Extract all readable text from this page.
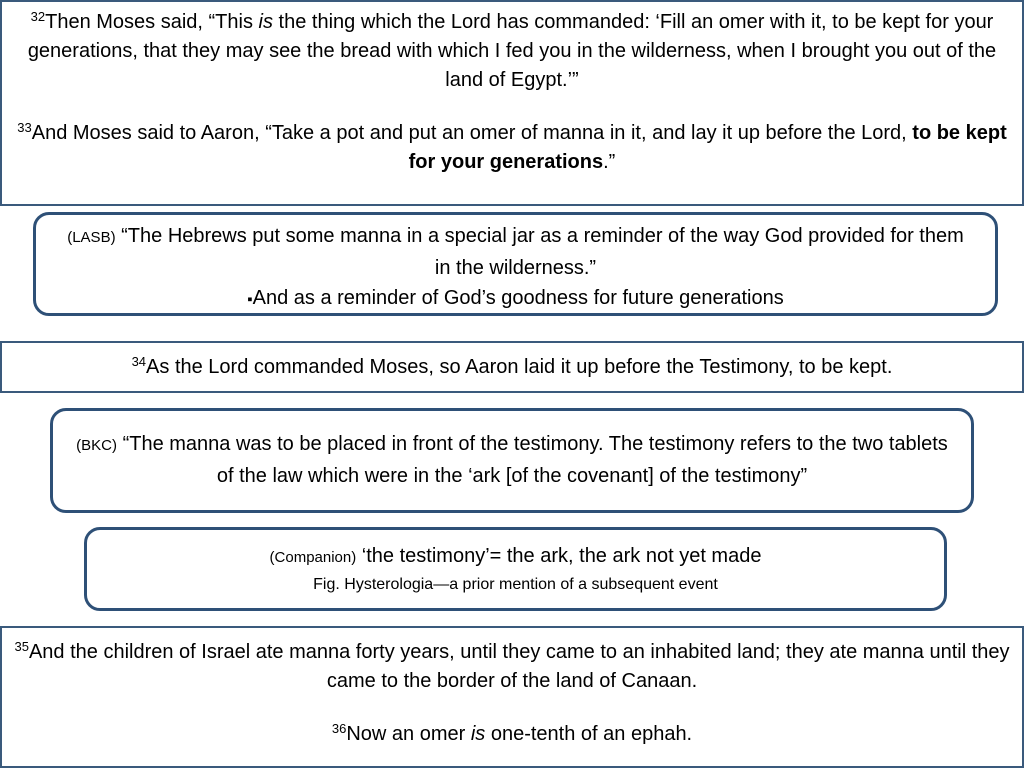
$^{32}$Then Moses said, “This is the thing which the Lord has commanded: ‘Fill an omer with it, to be kept for your generations, that they may see the bread with which I fed you in the wilderness, when I brought you out of the land of Egypt.’”

$^{33}$And Moses said to Aaron, “Take a pot and put an omer of manna in it, and lay it up before the Lord, to be kept for your generations.”

(LASB) “The Hebrews put some manna in a special jar as a reminder of the way God provided for them in the wilderness.”

▪And as a reminder of God’s goodness for future generations

$^{34}$As the Lord commanded Moses, so Aaron laid it up before the Testimony, to be kept.

(BKC) “The manna was to be placed in front of the testimony. The testimony refers to the two tablets of the law which were in the ‘ark [of the covenant] of the testimony”

(Companion) ‘the testimony’= the ark, the ark not yet made

Fig. Hysterologia—a prior mention of a subsequent event

$^{35}$And the children of Israel ate manna forty years, until they came to an inhabited land; they ate manna until they came to the border of the land of Canaan.

$^{36}$Now an omer is one-tenth of an ephah.
